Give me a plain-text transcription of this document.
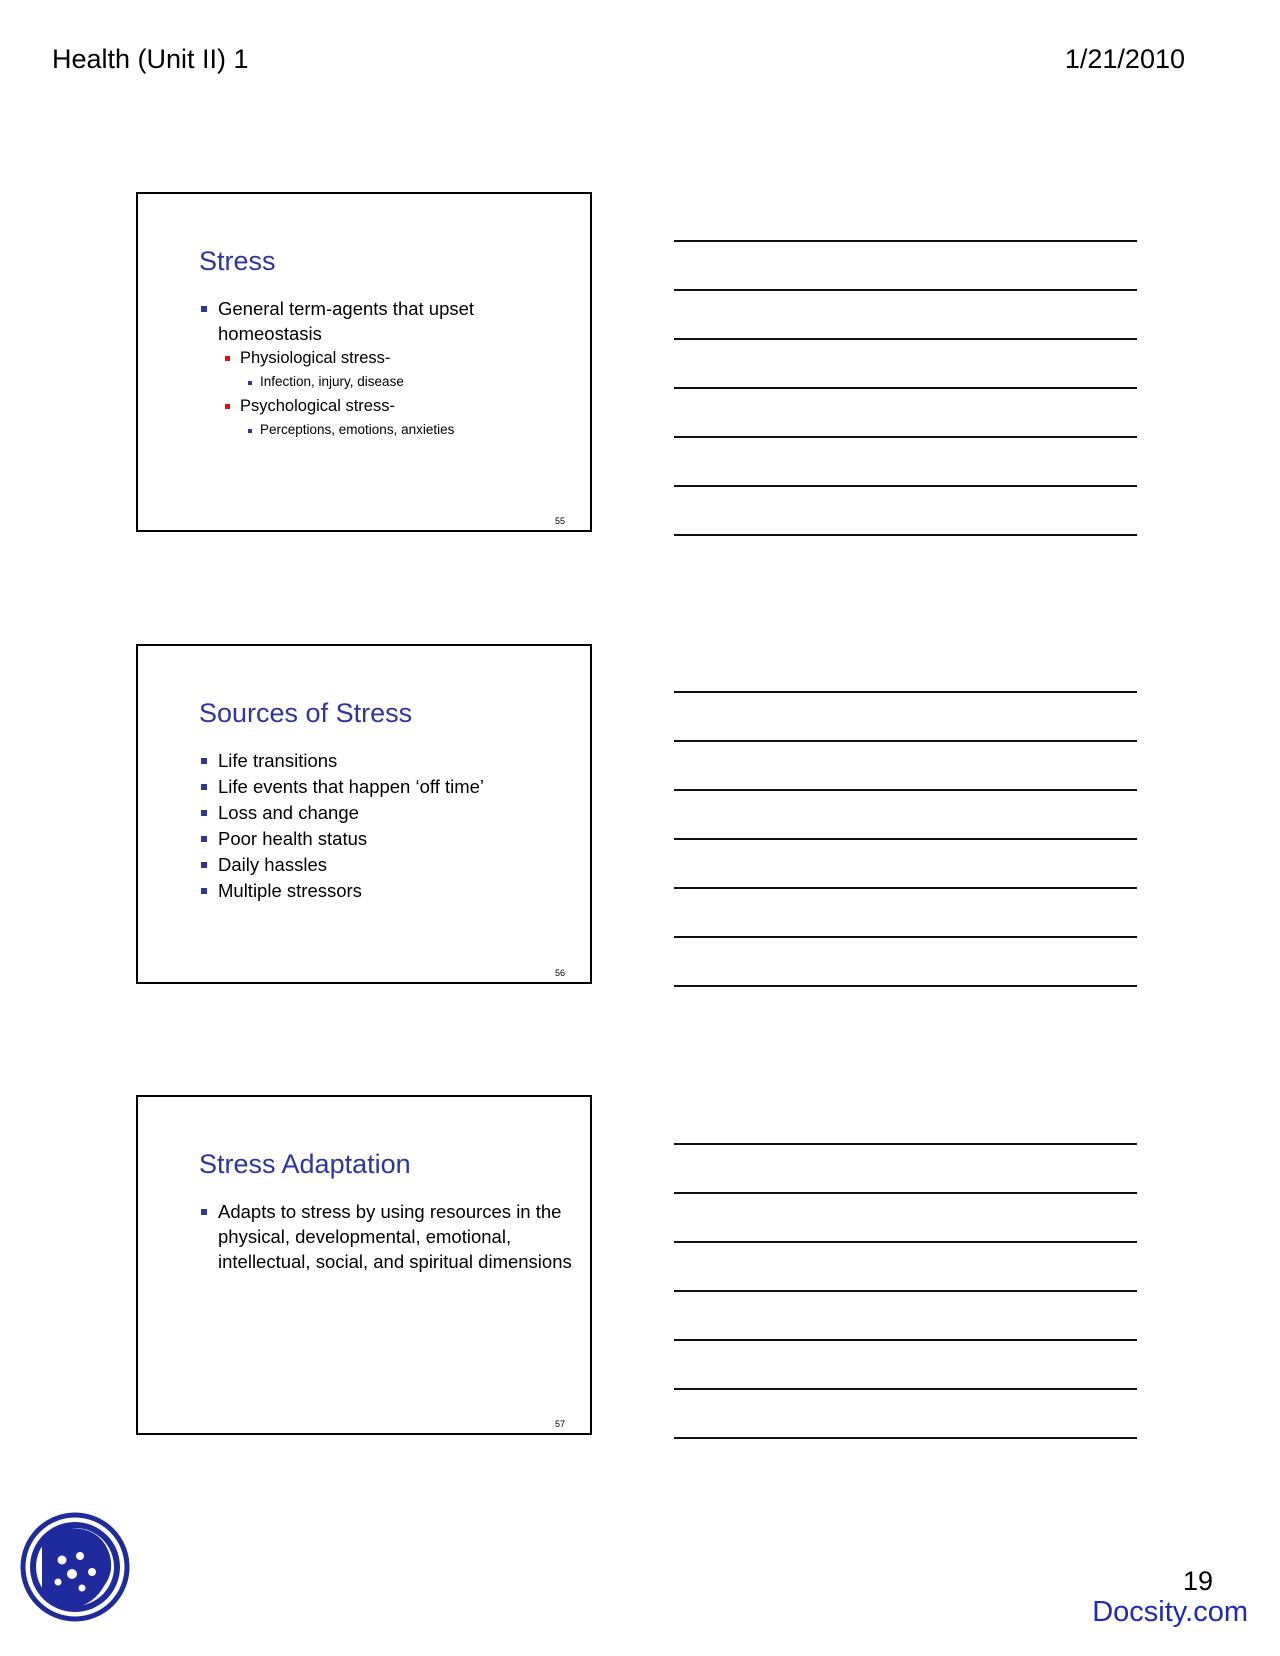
Health (Unit II) 1	1/21/2010
Stress
General term-agents that upset homeostasis
Physiological stress-
Infection, injury, disease
Psychological stress-
Perceptions, emotions, anxieties
55
Sources of Stress
Life transitions
Life events that happen ‘off time’
Loss and change
Poor health status
Daily hassles
Multiple stressors
56
Stress Adaptation
Adapts to stress by using resources in the physical, developmental, emotional, intellectual, social, and spiritual dimensions
57
19
Docsity.com
